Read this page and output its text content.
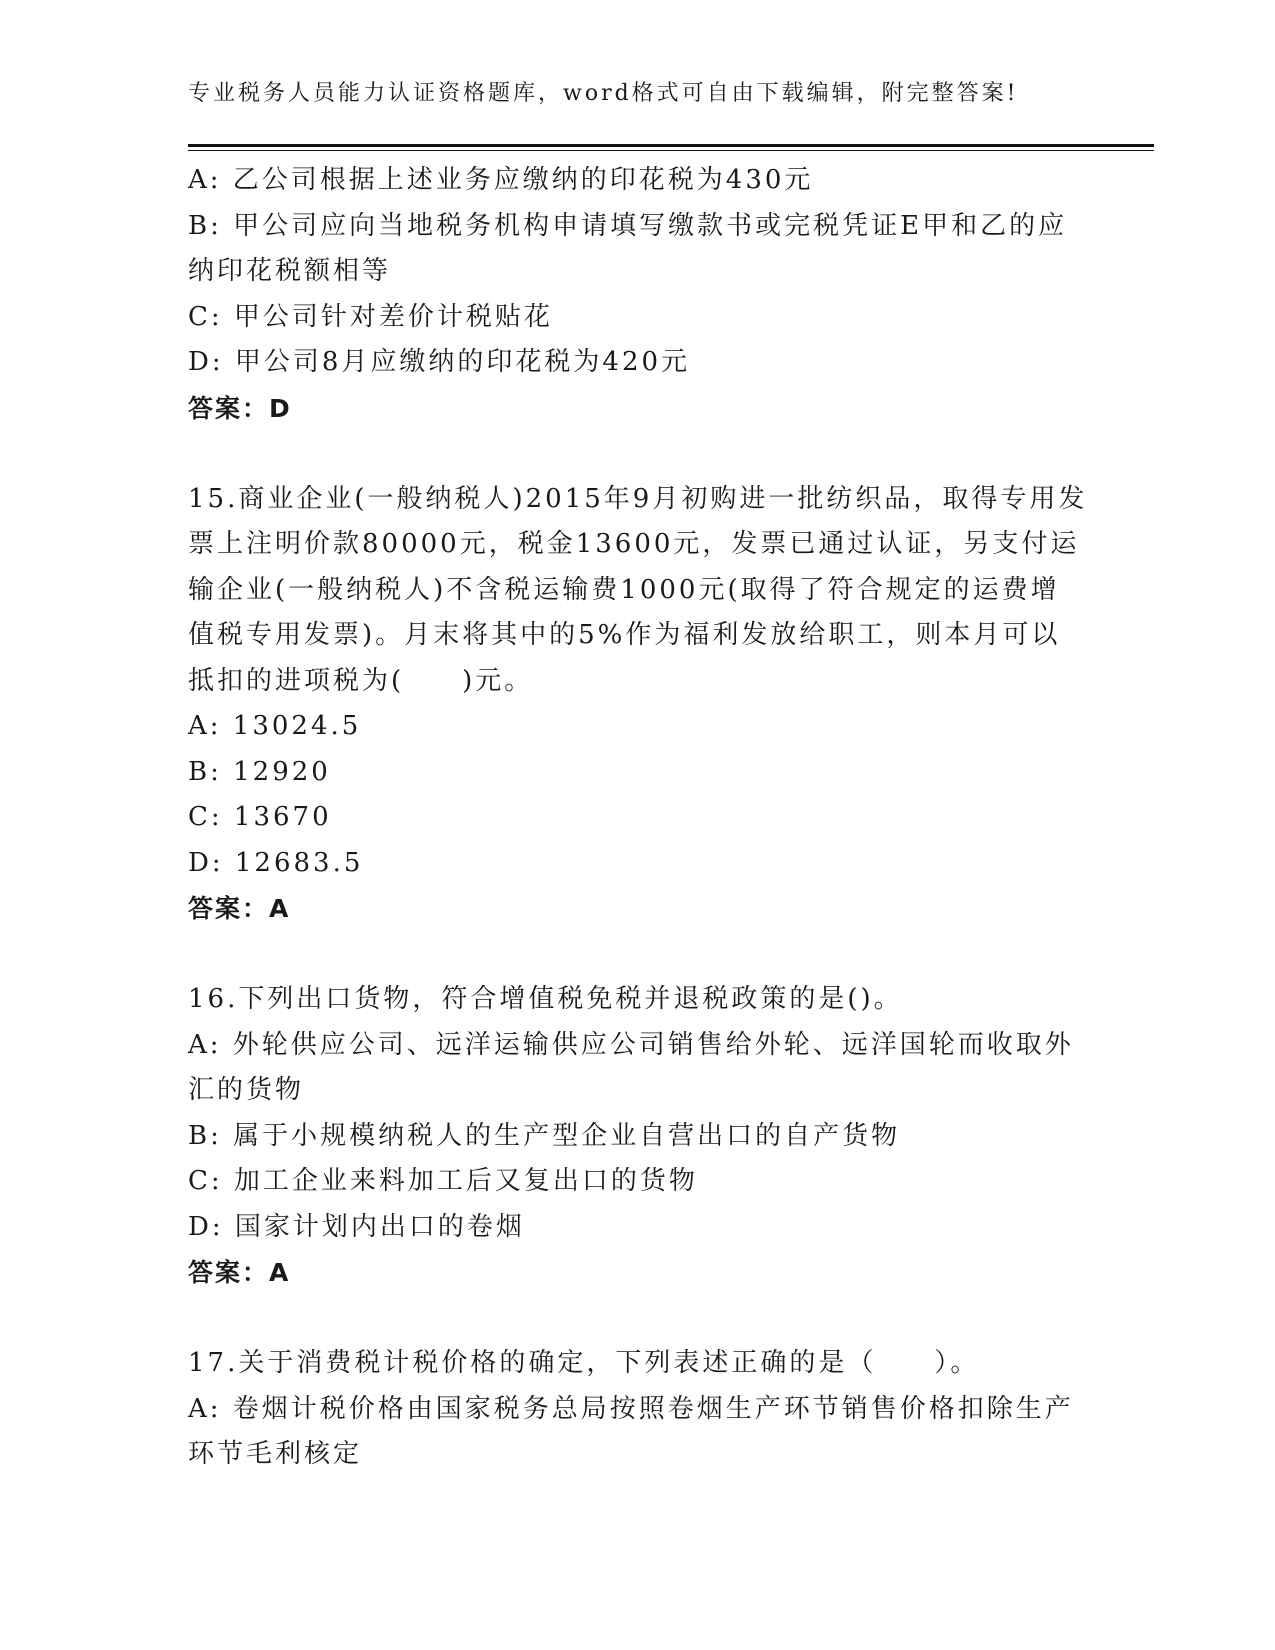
专业税务人员能力认证资格题库，word格式可自由下载编辑，附完整答案!
A: 乙公司根据上述业务应缴纳的印花税为430元
B: 甲公司应向当地税务机构申请填写缴款书或完税凭证E甲和乙的应
纳印花税额相等
C: 甲公司针对差价计税贴花
D: 甲公司8月应缴纳的印花税为420元
答案：D
15.商业企业(一般纳税人)2015年9月初购进一批纺织品，取得专用发
票上注明价款80000元，税金13600元，发票已通过认证，另支付运
输企业(一般纳税人)不含税运输费1000元(取得了符合规定的运费增
值税专用发票)。月末将其中的5%作为福利发放给职工，则本月可以
抵扣的进项税为(　　)元。
A: 13024.5
B: 12920
C: 13670
D: 12683.5
答案：A
16.下列出口货物，符合增值税免税并退税政策的是()。
A: 外轮供应公司、远洋运输供应公司销售给外轮、远洋国轮而收取外
汇的货物
B: 属于小规模纳税人的生产型企业自营出口的自产货物
C: 加工企业来料加工后又复出口的货物
D: 国家计划内出口的卷烟
答案：A
17.关于消费税计税价格的确定，下列表述正确的是（　　）。
A: 卷烟计税价格由国家税务总局按照卷烟生产环节销售价格扣除生产
环节毛利核定
